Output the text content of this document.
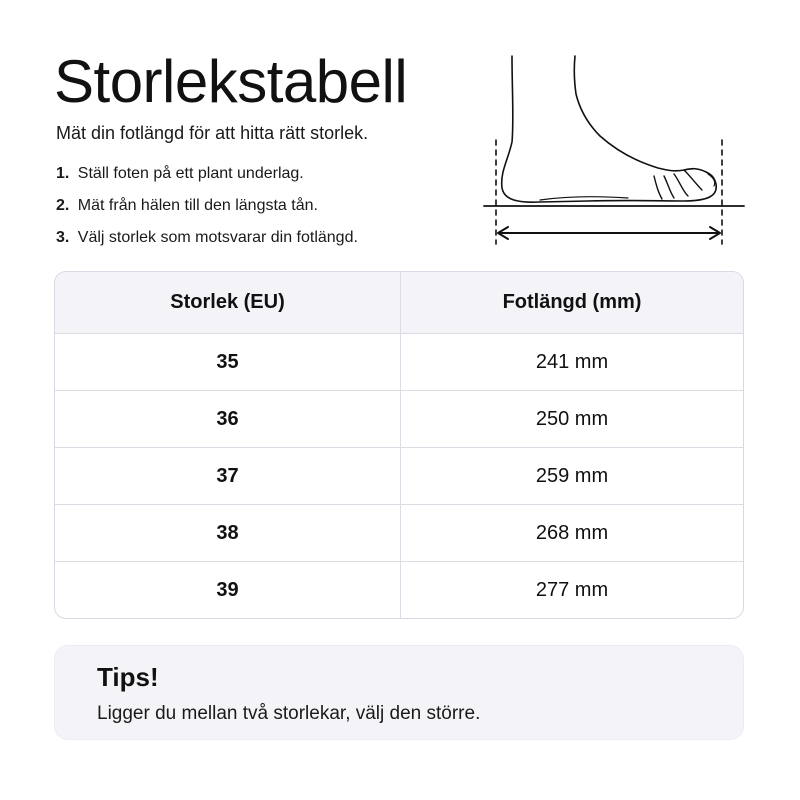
Storlekstabell

Mät din fotlängd för att hitta rätt storlek.

1. Ställ foten på ett plant underlag.
2. Mät från hälen till den längsta tån.
3. Välj storlek som motsvarar din fotlängd.
Storlek (EU)	Fotlängd (mm)
35	241 mm
36	250 mm
37	259 mm
38	268 mm
39	277 mm
Tips!
Ligger du mellan två storlekar, välj den större.
